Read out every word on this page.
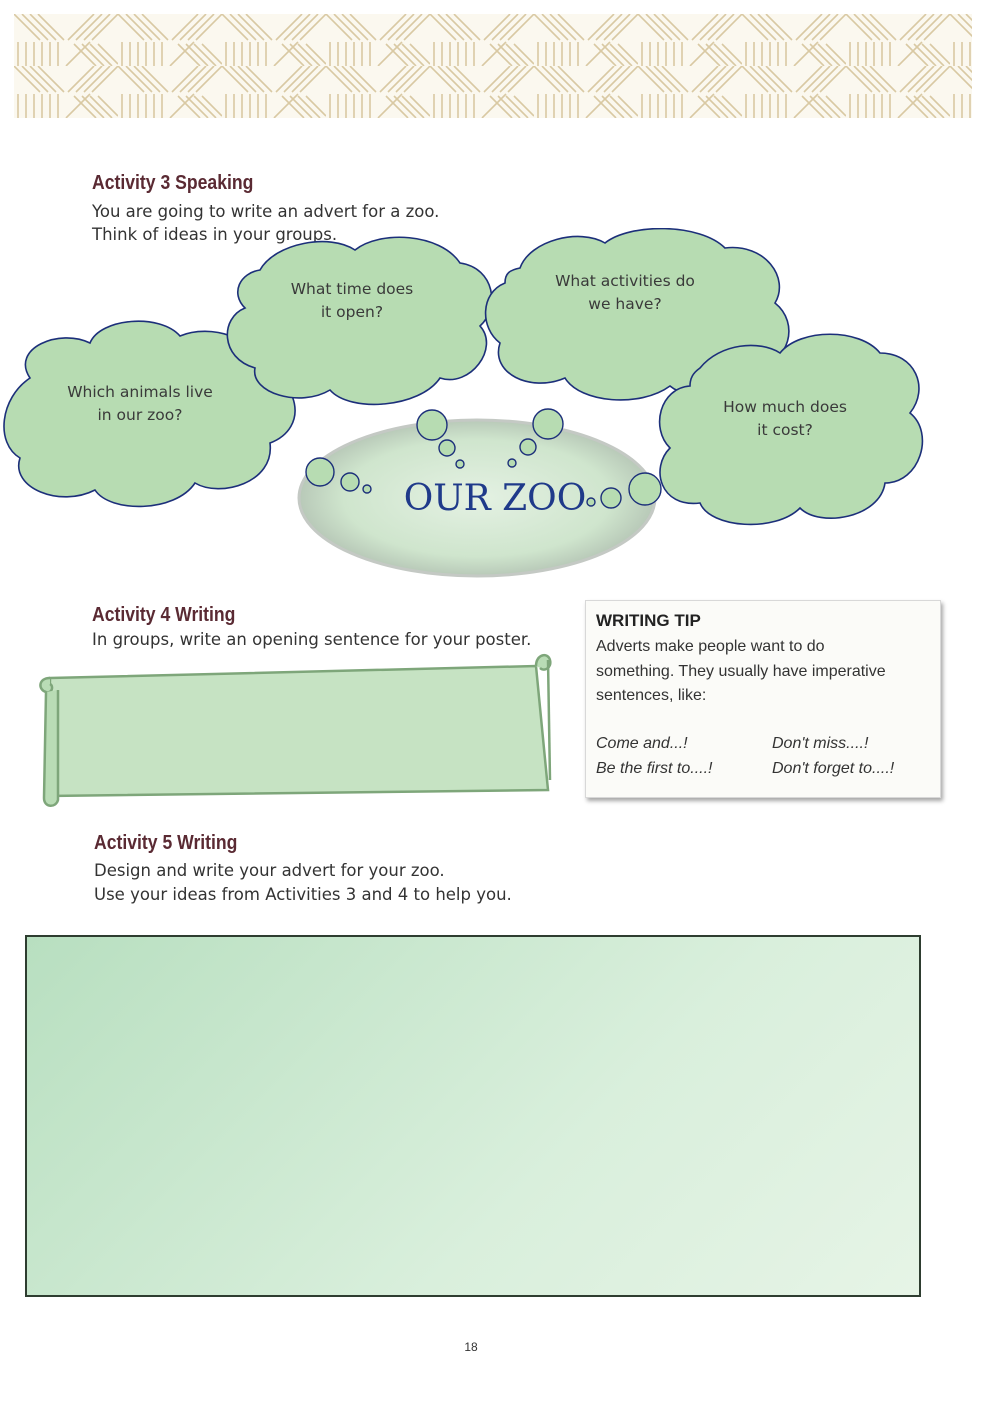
Activity 3 Speaking
You are going to write an advert for a zoo.
Think of ideas in your groups.
Which animals live
in our zoo?
What time does
it open?
What activities do
we have?
How much does
it cost?
OUR ZOO
Activity 4 Writing
In groups, write an opening sentence for your poster.
WRITING TIP
Adverts make people want to do
something. They usually have imperative
sentences, like:
Come and...!
Be the first to....!
Don't miss....!
Don't forget to....!
Activity 5 Writing
Design and write your advert for your zoo.
Use your ideas from Activities 3 and 4 to help you.
18
